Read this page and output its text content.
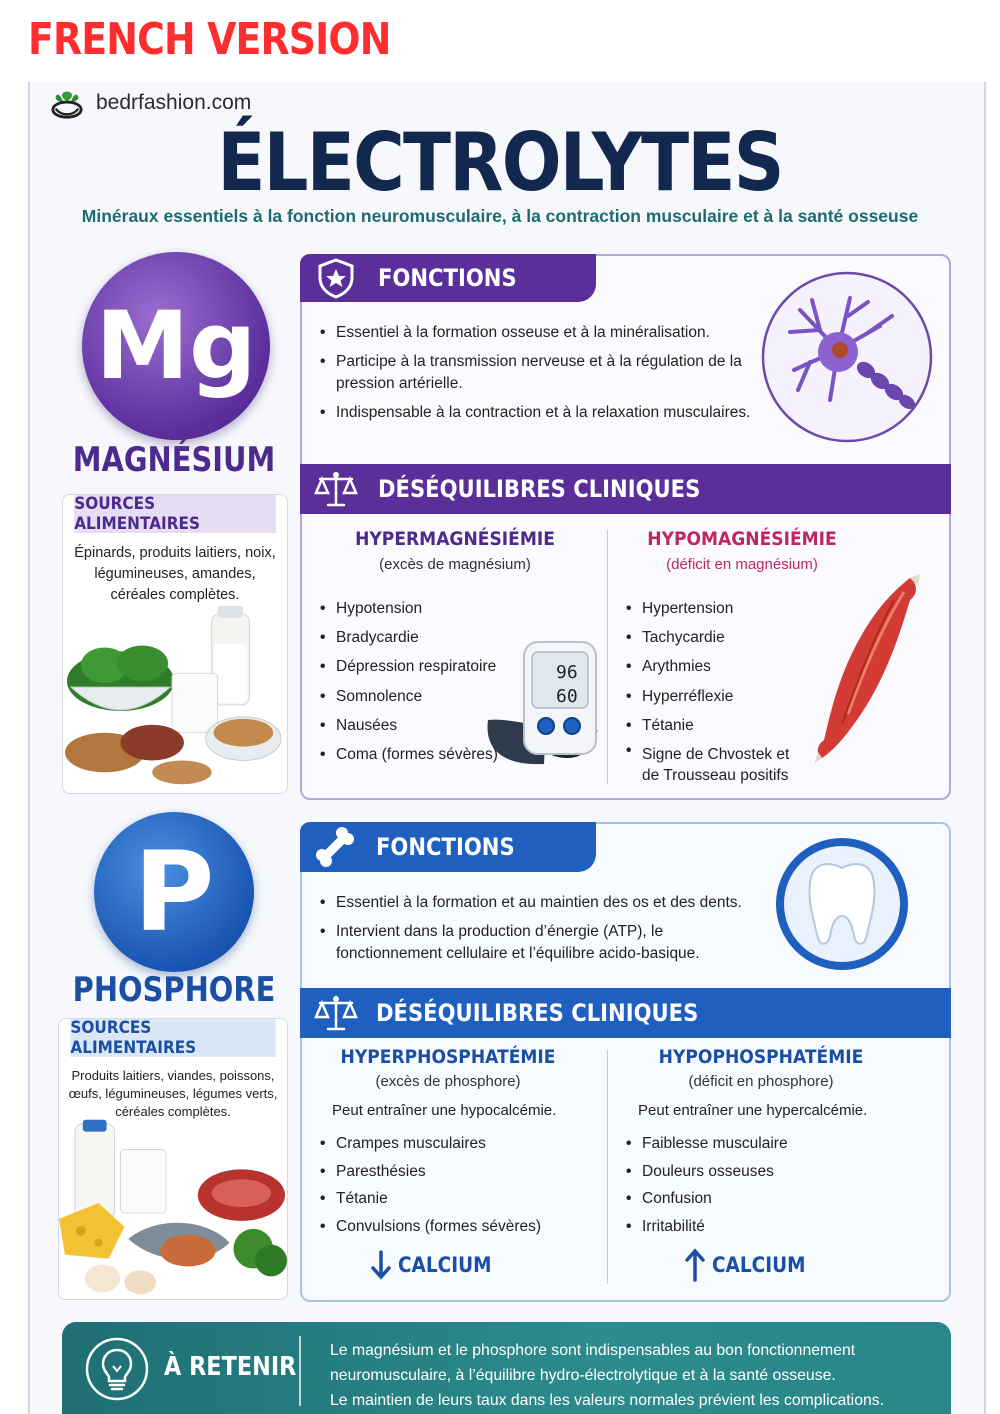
FRENCH VERSION
bedrfashion.com
ÉLECTROLYTES
Minéraux essentiels à la fonction neuromusculaire, à la contraction musculaire et à la santé osseuse
Mg
MAGNÉSIUM
SOURCES ALIMENTAIRES
Épinards, produits laitiers, noix, légumineuses, amandes, céréales complètes.
FONCTIONS
• Essentiel à la formation osseuse et à la minéralisation.
• Participe à la transmission nerveuse et à la régulation de la pression artérielle.
• Indispensable à la contraction et à la relaxation musculaires.
DÉSÉQUILIBRES CLINIQUES
HYPERMAGNÉSIÉMIE
(excès de magnésium)
HYPOMAGNÉSIÉMIE
(déficit en magnésium)
• Hypotension
• Bradycardie
• Dépression respiratoire
• Somnolence
• Nausées
• Coma (formes sévères)
96
60
• Hypertension
• Tachycardie
• Arythmies
• Hyperréflexie
• Tétanie
• Signe de Chvostek et de Trousseau positifs
P
PHOSPHORE
SOURCES ALIMENTAIRES
Produits laitiers, viandes, poissons, œufs, légumineuses, légumes verts, céréales complètes.
FONCTIONS
• Essentiel à la formation et au maintien des os et des dents.
• Intervient dans la production d’énergie (ATP), le fonctionnement cellulaire et l’équilibre acido-basique.
DÉSÉQUILIBRES CLINIQUES
HYPERPHOSPHATÉMIE
(excès de phosphore)
HYPOPHOSPHATÉMIE
(déficit en phosphore)
Peut entraîner une hypocalcémie.	Peut entraîner une hypercalcémie.
• Crampes musculaires
• Paresthésies
• Tétanie
• Convulsions (formes sévères)
• Faiblesse musculaire
• Douleurs osseuses
• Confusion
• Irritabilité
CALCIUM	CALCIUM
À RETENIR
Le magnésium et le phosphore sont indispensables au bon fonctionnement
neuromusculaire, à l’équilibre hydro-électrolytique et à la santé osseuse.
Le maintien de leurs taux dans les valeurs normales prévient les complications.
